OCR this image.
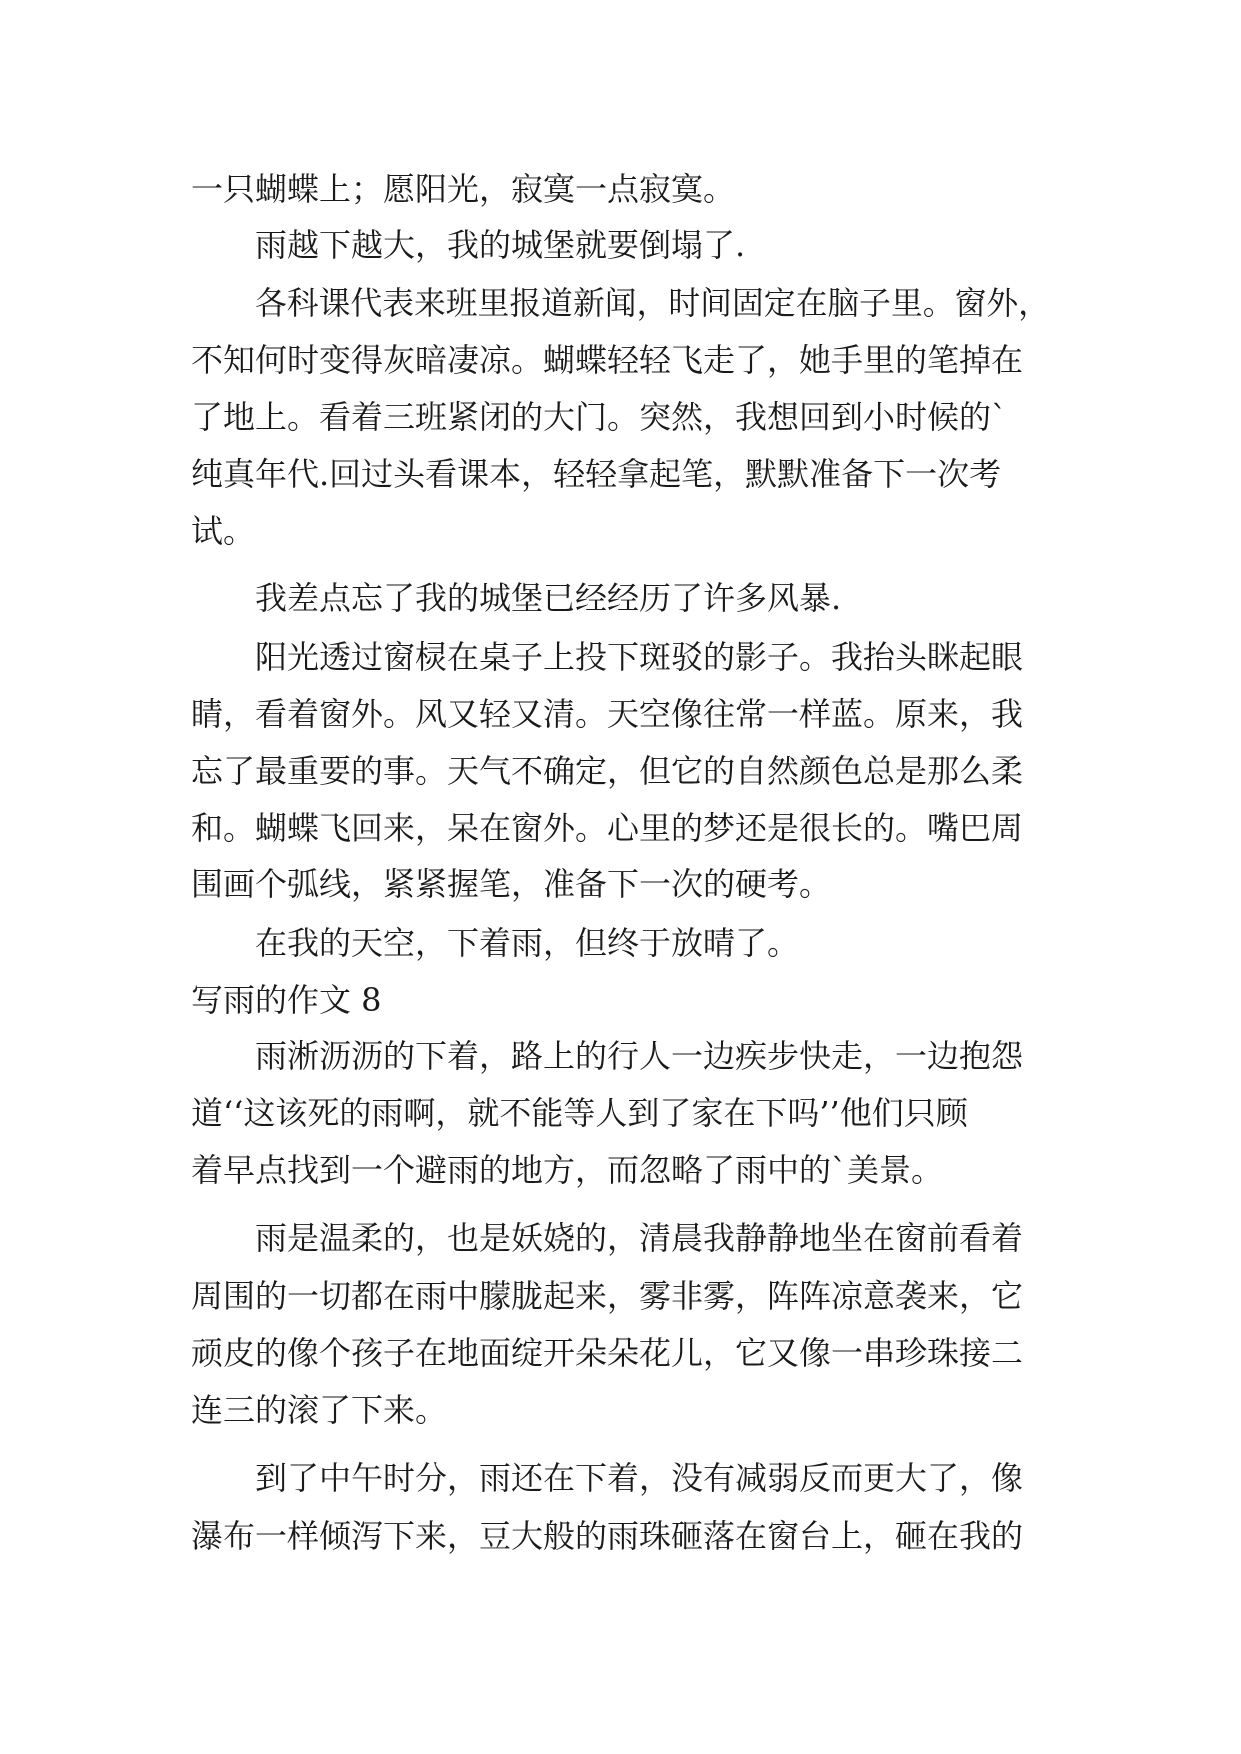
一只蝴蝶上；愿阳光，寂寞一点寂寞。
雨越下越大，我的城堡就要倒塌了.
各科课代表来班里报道新闻，时间固定在脑子里。窗外，
不知何时变得灰暗凄凉。蝴蝶轻轻飞走了，她手里的笔掉在
了地上。看着三班紧闭的大门。突然，我想回到小时候的`
纯真年代.回过头看课本，轻轻拿起笔，默默准备下一次考
试。
我差点忘了我的城堡已经经历了许多风暴.
阳光透过窗棂在桌子上投下斑驳的影子。我抬头眯起眼
睛，看着窗外。风又轻又清。天空像往常一样蓝。原来，我
忘了最重要的事。天气不确定，但它的自然颜色总是那么柔
和。蝴蝶飞回来，呆在窗外。心里的梦还是很长的。嘴巴周
围画个弧线，紧紧握笔，准备下一次的硬考。
在我的天空，下着雨，但终于放晴了。
写雨的作文 8
雨淅沥沥的下着，路上的行人一边疾步快走，一边抱怨
道‘‘这该死的雨啊，就不能等人到了家在下吗’’他们只顾
着早点找到一个避雨的地方，而忽略了雨中的`美景。
雨是温柔的，也是妖娆的，清晨我静静地坐在窗前看着
周围的一切都在雨中朦胧起来，雾非雾，阵阵凉意袭来，它
顽皮的像个孩子在地面绽开朵朵花儿，它又像一串珍珠接二
连三的滚了下来。
到了中午时分，雨还在下着，没有减弱反而更大了，像
瀑布一样倾泻下来，豆大般的雨珠砸落在窗台上，砸在我的
